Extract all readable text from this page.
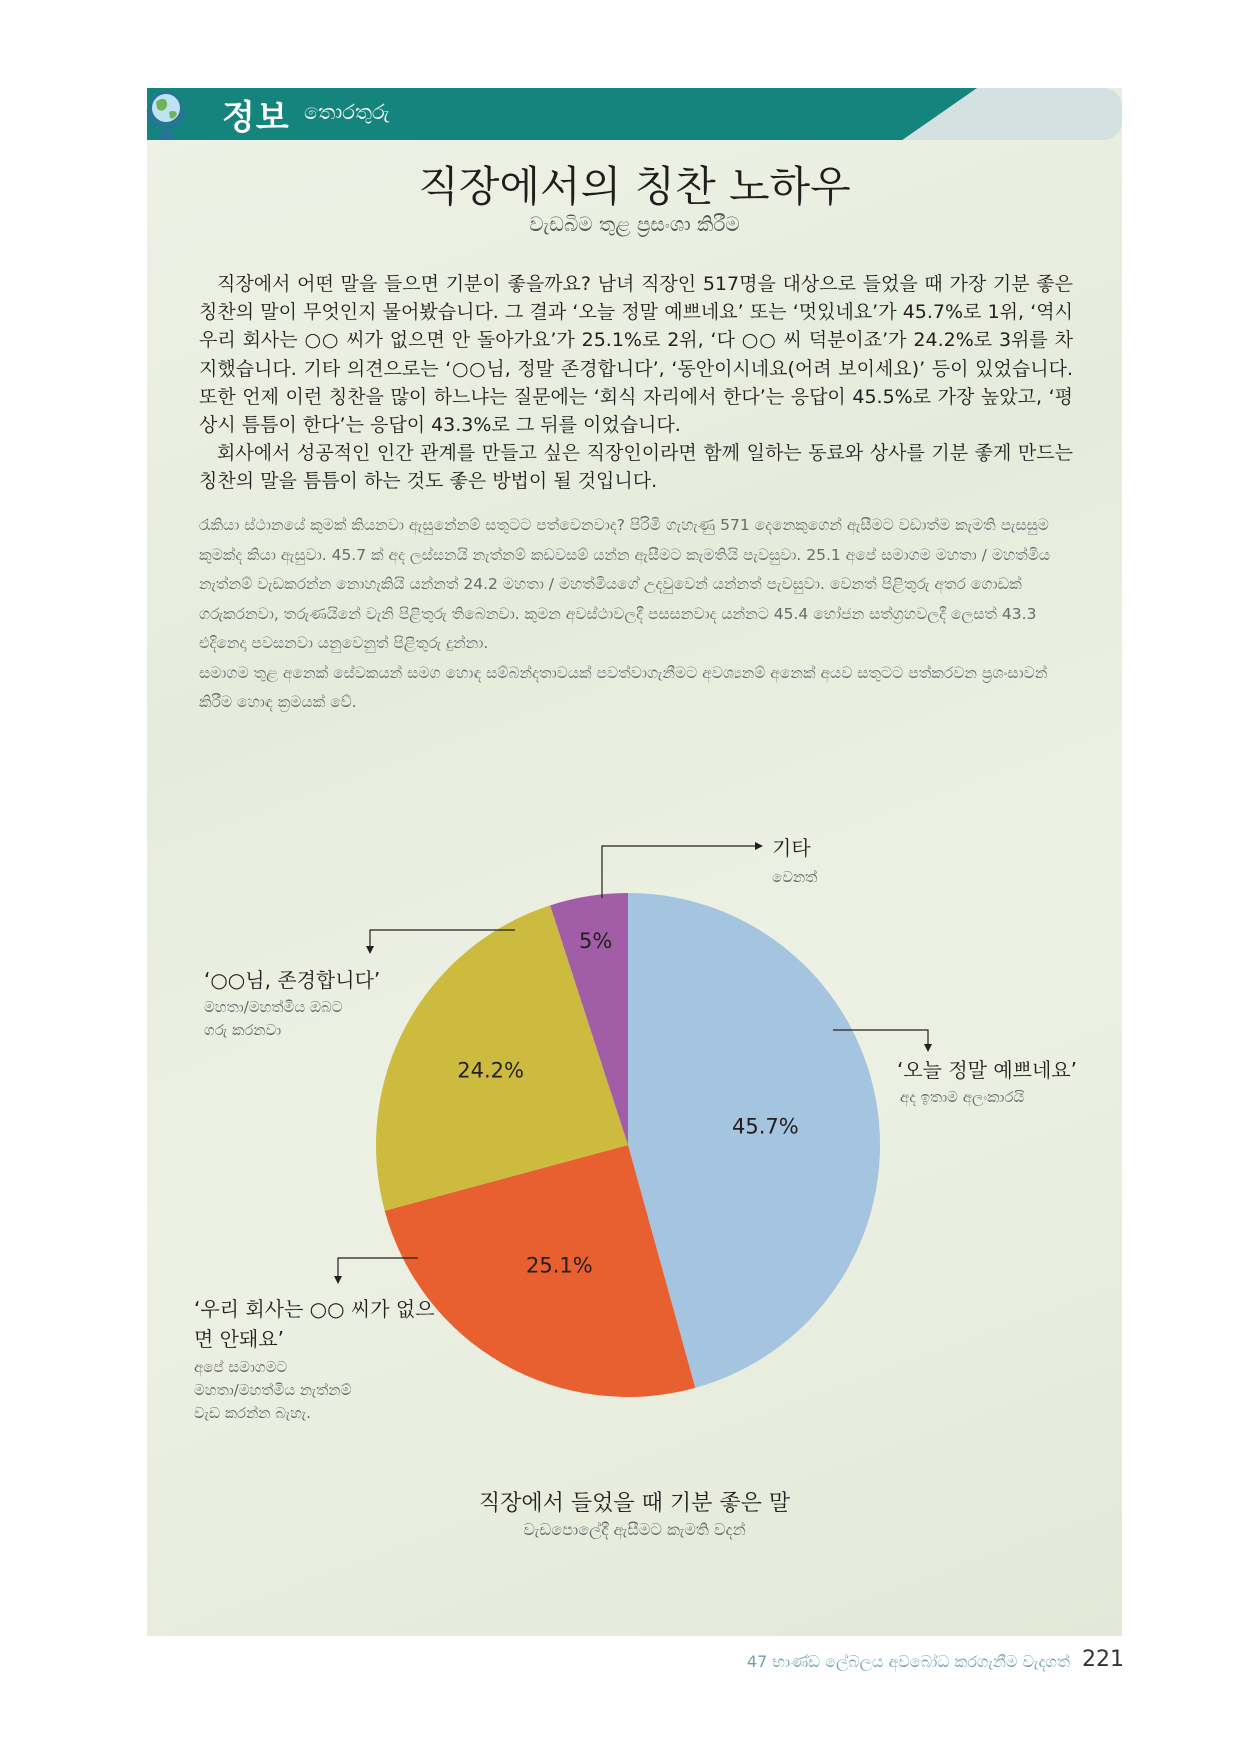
정보 තොරතුරු
직장에서의 칭찬 노하우
වැඩබිම තුළ ප්‍රසංශා කිරීම

직장에서 어떤 말을 들으면 기분이 좋을까요? 남녀 직장인 517명을 대상으로 들었을 때 가장 기분 좋은 칭찬의 말이 무엇인지 물어봤습니다. 그 결과 ‘오늘 정말 예쁘네요’ 또는 ‘멋있네요’가 45.7%로 1위, ‘역시 우리 회사는 ○○ 씨가 없으면 안 돌아가요’가 25.1%로 2위, ‘다 ○○ 씨 덕분이죠’가 24.2%로 3위를 차지했습니다. 기타 의견으로는 ‘○○님, 정말 존경합니다’, ‘동안이시네요(어려 보이세요)’ 등이 있었습니다. 또한 언제 이런 칭찬을 많이 하느냐는 질문에는 ‘회식 자리에서 한다’는 응답이 45.5%로 가장 높았고, ‘평상시 틈틈이 한다’는 응답이 43.3%로 그 뒤를 이었습니다.

회사에서 성공적인 인간 관계를 만들고 싶은 직장인이라면 함께 일하는 동료와 상사를 기분 좋게 만드는 칭찬의 말을 틈틈이 하는 것도 좋은 방법이 될 것입니다.

රැකියා ස්ථානයේ කුමක් කියනවා ඇසුනේනම් සතුටට පත්වෙනවාද? පිරිමි ගැහැණු 571 දෙනෙකුගෙන් ඇසීමට වඩාත්ම කැමති පැසසුම කුමක්ද කියා ඇසුවා. 45.7 ක් අද ලස්සනයි නැත්නම් කඩවසම් යන්න ඇසීමට කැමතියි පැවසුවා. 25.1 අපේ සමාගම මහතා / මහත්මිය නැත්නම් වැඩකරන්න නොහැකියි යන්නත් 24.2 මහතා / මහත්මියගේ උදවුවෙන් යන්නත් පැවසුවා. වෙනත් පිළිතුරු අතර ගොඩක් ගරුකරනවා, තරුණයිනේ වැනි පිළිතුරු තිබෙනවා. කුමන අවස්ථාවලදී පසසනවාද යන්නට 45.4 භෝජන සත්ග්‍රහවලදී ලෙසත් 43.3 එදිනෙදා පවසනවා යනුවෙනුත් පිළිතුරු දුන්නා.

සමාගම තුළ අනෙක් සේවකයන් සමග හොඳ සම්බන්දතාවයක් පවත්වාගැනීමට අවශ්‍යනම් අනෙක් අයව සතුටට පත්කරවන ප්‍රශංසාවන් කිරීම හොඳ ක්‍රමයක් වේ.

45.7%
25.1%
24.2%
5%
기타
වෙනත්
‘오늘 정말 예쁘네요’
අද ඉතාම අලංකාරයි
‘○○님, 존경합니다’
මහතා/මහත්මිය ඔබට
ගරු කරනවා
‘우리 회사는 ○○ 씨가 없으
면 안돼요’
අපේ සමාගමට
මහතා/මහත්මිය නැත්නම්
වැඩ කරන්න බැහැ.
직장에서 들었을 때 기분 좋은 말
වැඩපොලේදී ඇසීමට කැමති වදන්
47 භාණ්ඩ ලේබලය අවබෝධ කරගැනීම වැදගත් 221
